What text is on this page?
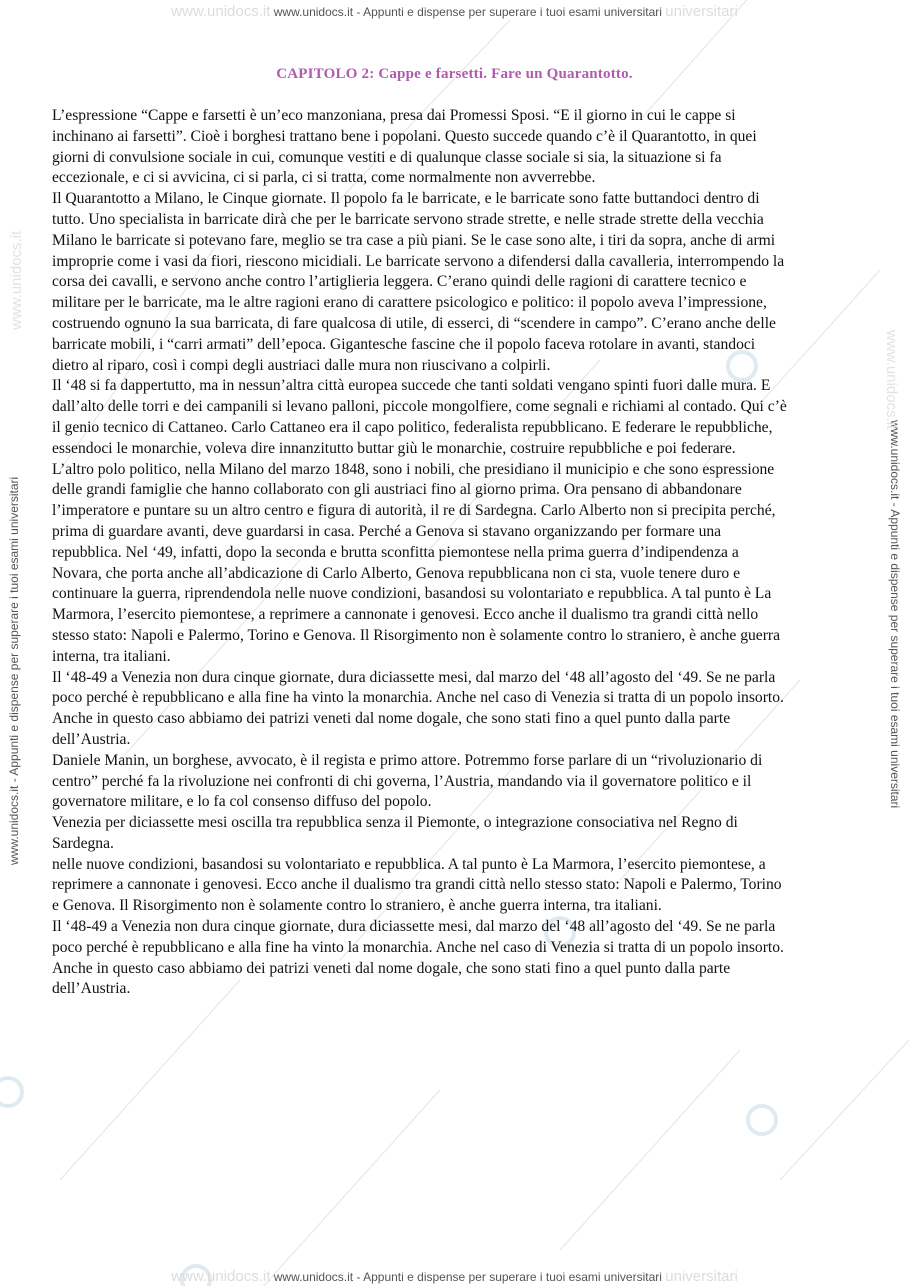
www.unidocs.it www.unidocs.it - Appunti e dispense per superare i tuoi esami universitari universitari
www.unidocs.it www.unidocs.it - Appunti e dispense per superare i tuoi esami universitari universitari
www.unidocs.it - Appunti e dispense per superare i tuoi esami universitari	www.unidocs.it - Appunti e dispense per superare i tuoi esami universitari
www.unidocs.it
www.unidocs.it
CAPITOLO 2: Cappe e farsetti. Fare un Quarantotto.

L’espressione “Cappe e farsetti è un’eco manzoniana, presa dai Promessi Sposi. “E il giorno in cui le cappe si inchinano ai farsetti”. Cioè i borghesi trattano bene i popolani. Questo succede quando c’è il Quarantotto, in quei giorni di convulsione sociale in cui, comunque vestiti e di qualunque classe sociale si sia, la situazione si fa eccezionale, e ci si avvicina, ci si parla, ci si tratta, come normalmente non avverrebbe.

Il Quarantotto a Milano, le Cinque giornate. Il popolo fa le barricate, e le barricate sono fatte buttandoci dentro di tutto. Uno specialista in barricate dirà che per le barricate servono strade strette, e nelle strade strette della vecchia Milano le barricate si potevano fare, meglio se tra case a più piani. Se le case sono alte, i tiri da sopra, anche di armi improprie come i vasi da fiori, riescono micidiali. Le barricate servono a difendersi dalla cavalleria, interrompendo la corsa dei cavalli, e servono anche contro l’artiglieria leggera. C’erano quindi delle ragioni di carattere tecnico e militare per le barricate, ma le altre ragioni erano di carattere psicologico e politico: il popolo aveva l’impressione, costruendo ognuno la sua barricata, di fare qualcosa di utile, di esserci, di “scendere in campo”. C’erano anche delle barricate mobili, i “carri armati” dell’epoca. Gigantesche fascine che il popolo faceva rotolare in avanti, standoci dietro al riparo, così i compi degli austriaci dalle mura non riuscivano a colpirli.

Il ‘48 si fa dappertutto, ma in nessun’altra città europea succede che tanti soldati vengano spinti fuori dalle mura. E dall’alto delle torri e dei campanili si levano palloni, piccole mongolfiere, come segnali e richiami al contado. Qui c’è il genio tecnico di Cattaneo. Carlo Cattaneo era il capo politico, federalista repubblicano. E federare le repubbliche, essendoci le monarchie, voleva dire innanzitutto buttar giù le monarchie, costruire repubbliche e poi federare.

L’altro polo politico, nella Milano del marzo 1848, sono i nobili, che presidiano il municipio e che sono espressione delle grandi famiglie che hanno collaborato con gli austriaci fino al giorno prima. Ora pensano di abbandonare l’imperatore e puntare su un altro centro e figura di autorità, il re di Sardegna. Carlo Alberto non si precipita perché, prima di guardare avanti, deve guardarsi in casa. Perché a Genova si stavano organizzando per formare una repubblica. Nel ‘49, infatti, dopo la seconda e brutta sconfitta piemontese nella prima guerra d’indipendenza a Novara, che porta anche all’abdicazione di Carlo Alberto, Genova repubblicana non ci sta, vuole tenere duro e continuare la guerra, riprendendola nelle nuove condizioni, basandosi su volontariato e repubblica. A tal punto è La Marmora, l’esercito piemontese, a reprimere a cannonate i genovesi. Ecco anche il dualismo tra grandi città nello stesso stato: Napoli e Palermo, Torino e Genova. Il Risorgimento non è solamente contro lo straniero, è anche guerra interna, tra italiani.

Il ‘48-49 a Venezia non dura cinque giornate, dura diciassette mesi, dal marzo del ‘48 all’agosto del ‘49. Se ne parla poco perché è repubblicano e alla fine ha vinto la monarchia. Anche nel caso di Venezia si tratta di un popolo insorto. Anche in questo caso abbiamo dei patrizi veneti dal nome dogale, che sono stati fino a quel punto dalla parte dell’Austria.

Daniele Manin, un borghese, avvocato, è il regista e primo attore. Potremmo forse parlare di un “rivoluzionario di centro” perché fa la rivoluzione nei confronti di chi governa, l’Austria, mandando via il governatore politico e il governatore militare, e lo fa col consenso diffuso del popolo.

Venezia per diciassette mesi oscilla tra repubblica senza il Piemonte, o integrazione consociativa nel Regno di Sardegna.

nelle nuove condizioni, basandosi su volontariato e repubblica. A tal punto è La Marmora, l’esercito piemontese, a reprimere a cannonate i genovesi. Ecco anche il dualismo tra grandi città nello stesso stato: Napoli e Palermo, Torino e Genova. Il Risorgimento non è solamente contro lo straniero, è anche guerra interna, tra italiani.

Il ‘48-49 a Venezia non dura cinque giornate, dura diciassette mesi, dal marzo del ‘48 all’agosto del ‘49. Se ne parla poco perché è repubblicano e alla fine ha vinto la monarchia. Anche nel caso di Venezia si tratta di un popolo insorto. Anche in questo caso abbiamo dei patrizi veneti dal nome dogale, che sono stati fino a quel punto dalla parte dell’Austria.
